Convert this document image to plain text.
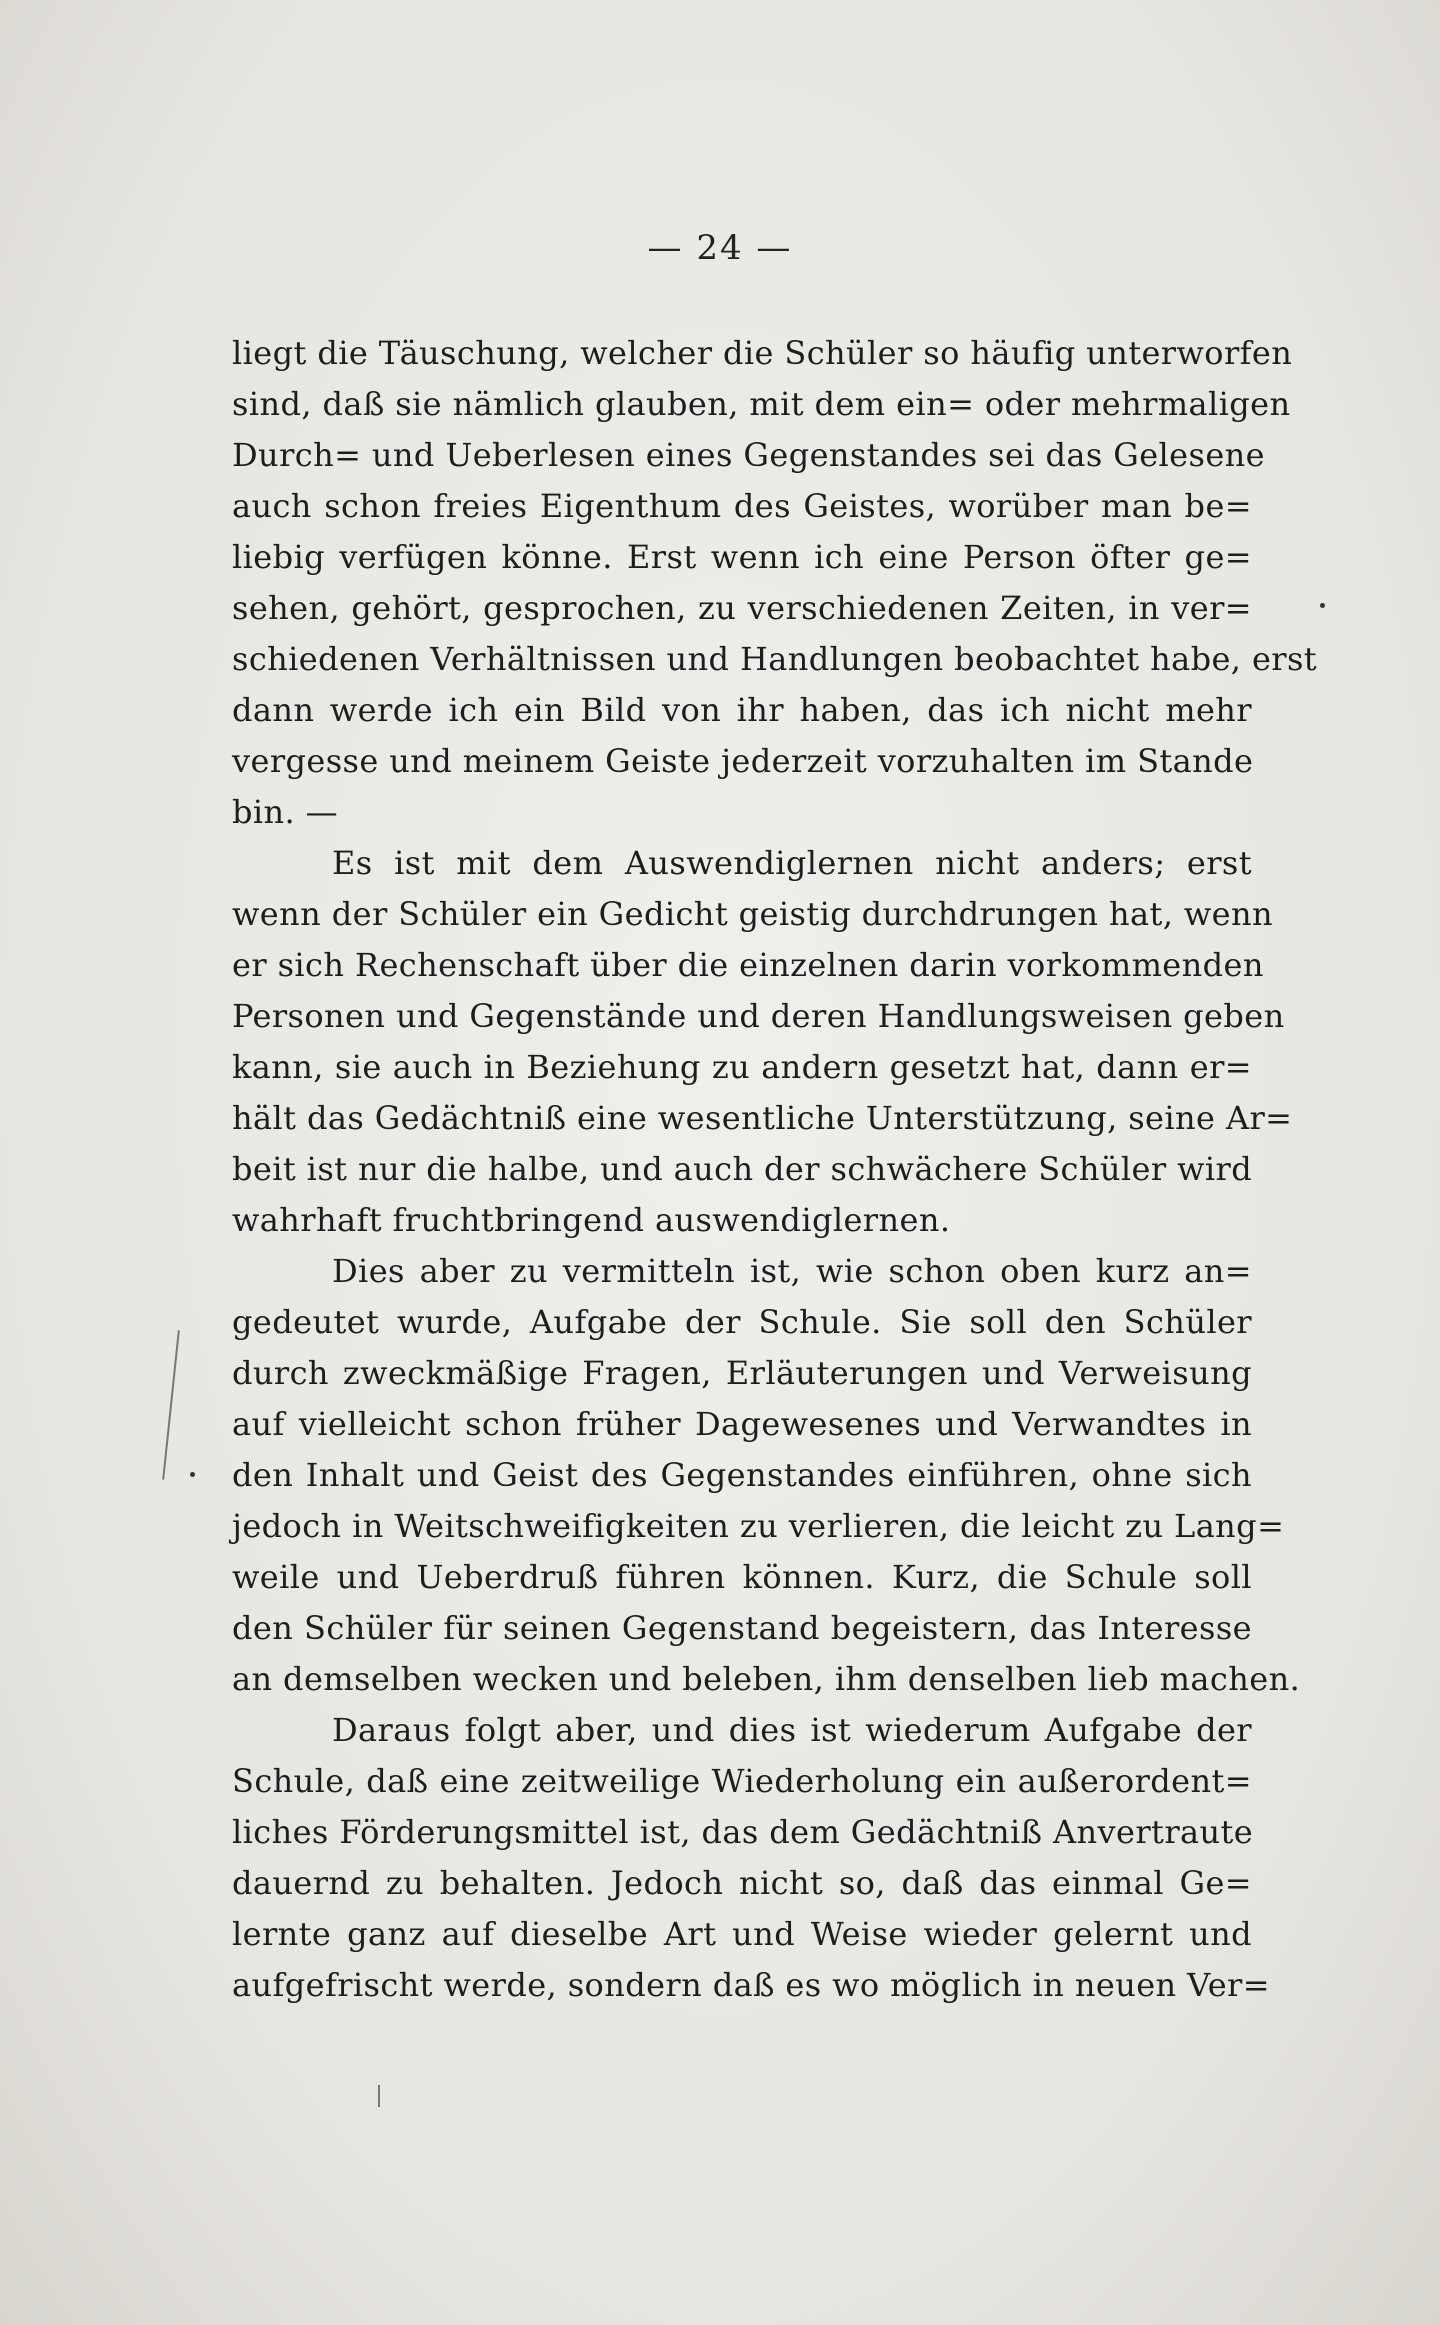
— 24 —
liegt die Täuschung, welcher die Schüler so häufig unterworfen
sind, daß sie nämlich glauben, mit dem ein= oder mehrmaligen
Durch= und Ueberlesen eines Gegenstandes sei das Gelesene
auch schon freies Eigenthum des Geistes, worüber man be=
liebig verfügen könne. Erst wenn ich eine Person öfter ge=
sehen, gehört, gesprochen, zu verschiedenen Zeiten, in ver=
schiedenen Verhältnissen und Handlungen beobachtet habe, erst
dann werde ich ein Bild von ihr haben, das ich nicht mehr
vergesse und meinem Geiste jederzeit vorzuhalten im Stande
bin. —
Es ist mit dem Auswendiglernen nicht anders; erst
wenn der Schüler ein Gedicht geistig durchdrungen hat, wenn
er sich Rechenschaft über die einzelnen darin vorkommenden
Personen und Gegenstände und deren Handlungsweisen geben
kann, sie auch in Beziehung zu andern gesetzt hat, dann er=
hält das Gedächtniß eine wesentliche Unterstützung, seine Ar=
beit ist nur die halbe, und auch der schwächere Schüler wird
wahrhaft fruchtbringend auswendiglernen.
Dies aber zu vermitteln ist, wie schon oben kurz an=
gedeutet wurde, Aufgabe der Schule. Sie soll den Schüler
durch zweckmäßige Fragen, Erläuterungen und Verweisung
auf vielleicht schon früher Dagewesenes und Verwandtes in
den Inhalt und Geist des Gegenstandes einführen, ohne sich
jedoch in Weitschweifigkeiten zu verlieren, die leicht zu Lang=
weile und Ueberdruß führen können. Kurz, die Schule soll
den Schüler für seinen Gegenstand begeistern, das Interesse
an demselben wecken und beleben, ihm denselben lieb machen.
Daraus folgt aber, und dies ist wiederum Aufgabe der
Schule, daß eine zeitweilige Wiederholung ein außerordent=
liches Förderungsmittel ist, das dem Gedächtniß Anvertraute
dauernd zu behalten. Jedoch nicht so, daß das einmal Ge=
lernte ganz auf dieselbe Art und Weise wieder gelernt und
aufgefrischt werde, sondern daß es wo möglich in neuen Ver=
